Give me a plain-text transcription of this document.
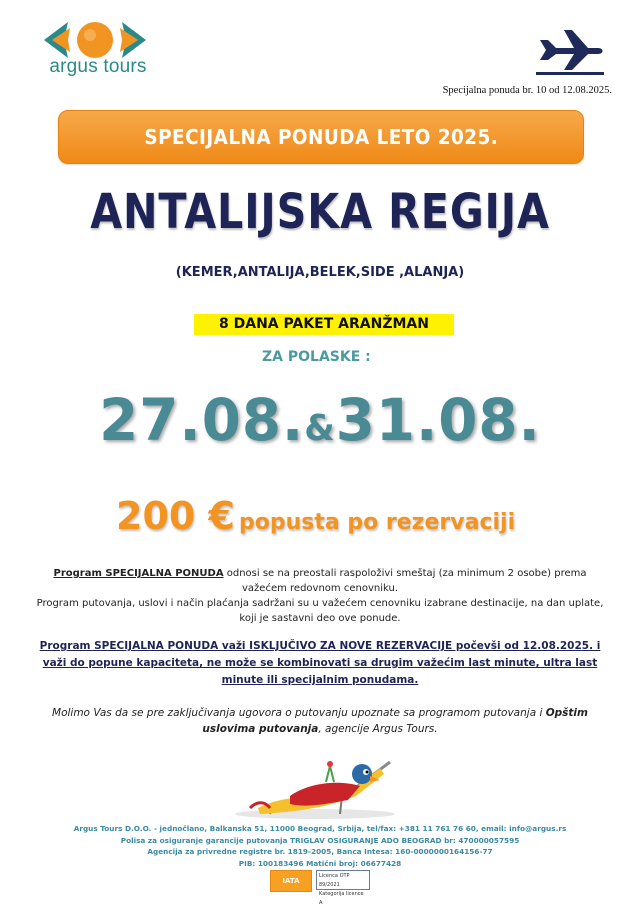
argus tours
Specijalna ponuda br. 10 od 12.08.2025.
SPECIJALNA PONUDA LETO 2025.
ANTALIJSKA REGIJA
(KEMER,ANTALIJA,BELEK,SIDE ,ALANJA)
8 DANA PAKET ARANŽMAN
ZA POLASKE :
27.08.&31.08.
200 € popusta po rezervaciji
Program SPECIJALNA PONUDA odnosi se na preostali raspoloživi smeštaj (za minimum 2 osobe) prema važećem redovnom cenovniku.
Program putovanja, uslovi i način plaćanja sadržani su u važećem cenovniku izabrane destinacije, na dan uplate, koji je sastavni deo ove ponude.
Program SPECIJALNA PONUDA važi ISKLJUČIVO ZA NOVE REZERVACIJE počevši od 12.08.2025. i važi do popune kapaciteta, ne može se kombinovati sa drugim važećim last minute, ultra last minute ili specijalnim ponudama.
Molimo Vas da se pre zaključivanja ugovora o putovanju upoznate sa programom putovanja i Opštim uslovima putovanja, agencije Argus Tours.
Argus Tours D.O.O. - jednočlano, Balkanska 51, 11000 Beograd, Srbija, tel/fax: +381 11 761 76 60, email: info@argus.rs
Polisa za osiguranje garancije putovanja TRIGLAV OSIGURANJE ADO BEOGRAD br: 470000057595
Agencija za privredne registre br. 1819-2005, Banca Intesa: 160-0000000164156-77
PIB: 100183496 Matični broj: 06677428
IATA
Licenca OTP 89/2021
Kategorija licence A
